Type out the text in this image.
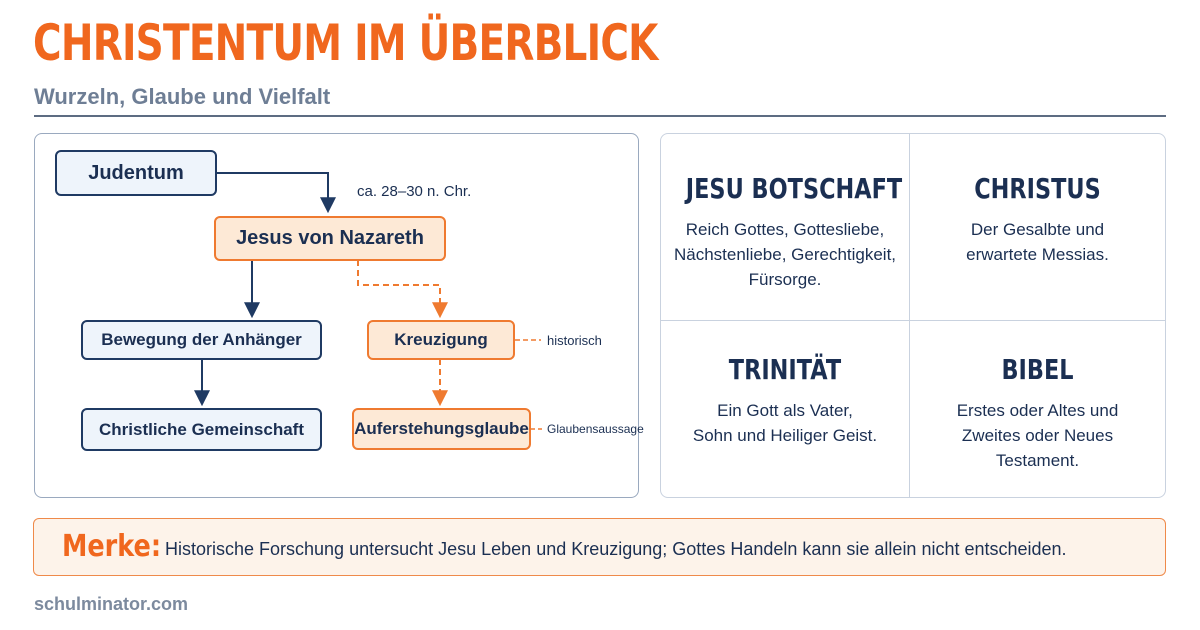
CHRISTENTUM IM ÜBERBLICK
Wurzeln, Glaube und Vielfalt
Judentum
Jesus von Nazareth
Bewegung der Anhänger
Christliche Gemeinschaft
Kreuzigung
Auferstehungsglaube
ca. 28–30 n. Chr.
historisch
Glaubensaussage
JESU BOTSCHAFT
Reich Gottes, Gottesliebe,
Nächstenliebe, Gerechtigkeit,
Fürsorge.
CHRISTUS
Der Gesalbte und
erwartete Messias.
TRINITÄT
Ein Gott als Vater,
Sohn und Heiliger Geist.
BIBEL
Erstes oder Altes und
Zweites oder Neues
Testament.
Merke: Historische Forschung untersucht Jesu Leben und Kreuzigung; Gottes Handeln kann sie allein nicht entscheiden.
schulminator.com
